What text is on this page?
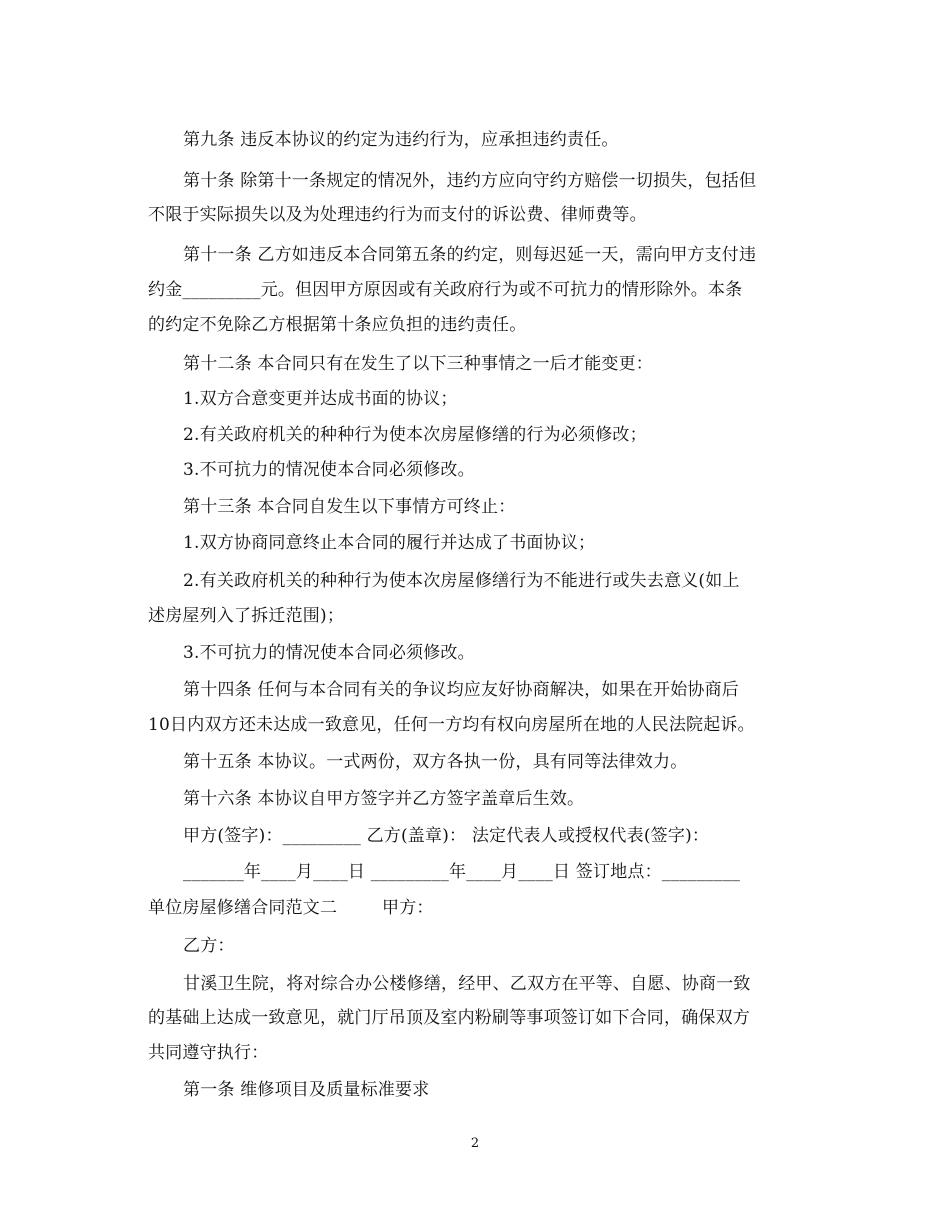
第九条 违反本协议的约定为违约行为，应承担违约责任。
第十条 除第十一条规定的情况外，违约方应向守约方赔偿一切损失，包括但
不限于实际损失以及为处理违约行为而支付的诉讼费、律师费等。
第十一条 乙方如违反本合同第五条的约定，则每迟延一天，需向甲方支付违
约金_________元。但因甲方原因或有关政府行为或不可抗力的情形除外。本条
的约定不免除乙方根据第十条应负担的违约责任。
第十二条 本合同只有在发生了以下三种事情之一后才能变更：
1.双方合意变更并达成书面的协议；
2.有关政府机关的种种行为使本次房屋修缮的行为必须修改；
3.不可抗力的情况使本合同必须修改。
第十三条 本合同自发生以下事情方可终止：
1.双方协商同意终止本合同的履行并达成了书面协议；
2.有关政府机关的种种行为使本次房屋修缮行为不能进行或失去意义(如上
述房屋列入了拆迁范围)；
3.不可抗力的情况使本合同必须修改。
第十四条 任何与本合同有关的争议均应友好协商解决，如果在开始协商后
10日内双方还未达成一致意见，任何一方均有权向房屋所在地的人民法院起诉。
第十五条 本协议。一式两份，双方各执一份，具有同等法律效力。
第十六条 本协议自甲方签字并乙方签字盖章后生效。
甲方(签字)：_________ 乙方(盖章)： 法定代表人或授权代表(签字)：
_______年____月____日 _________年____月____日 签订地点：_________
单位房屋修缮合同范文二        甲方：
乙方：
甘溪卫生院，将对综合办公楼修缮，经甲、乙双方在平等、自愿、协商一致
的基础上达成一致意见，就门厅吊顶及室内粉刷等事项签订如下合同，确保双方
共同遵守执行：
第一条 维修项目及质量标准要求
2
